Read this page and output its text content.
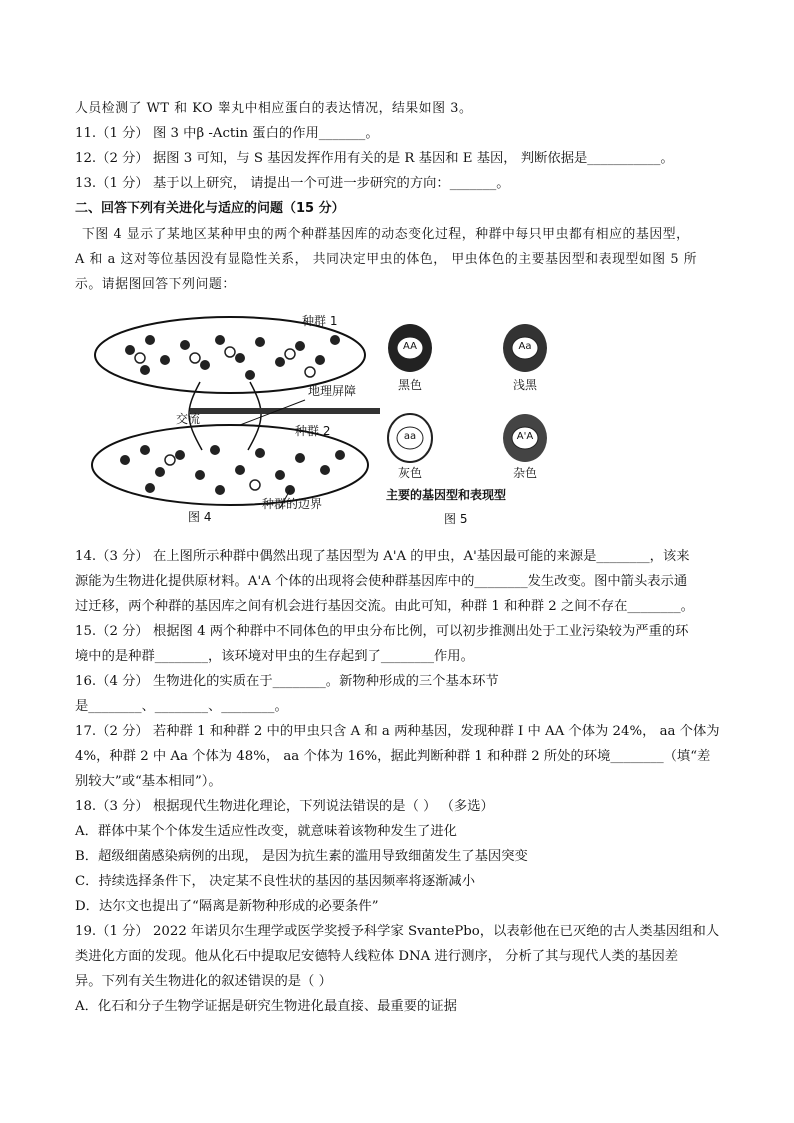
人员检测了 WT 和 KO 睾丸中相应蛋白的表达情况，结果如图 3。
11.（1 分） 图 3 中β -Actin 蛋白的作用_______。
12.（2 分） 据图 3 可知，与 S 基因发挥作用有关的是 R 基因和 E 基因， 判断依据是___________。
13.（1 分） 基于以上研究， 请提出一个可进一步研究的方向：_______。
二、回答下列有关进化与适应的问题（15 分）
下图 4 显示了某地区某种甲虫的两个种群基因库的动态变化过程，种群中每只甲虫都有相应的基因型，
A 和 a 这对等位基因没有显隐性关系， 共同决定甲虫的体色， 甲虫体色的主要基因型和表现型如图 5 所
示。请据图回答下列问题：
种群 1
地理屏障
交流
种群 2
种群的边界
图 4
AA	Aa
aa	A'A
黑色	浅黑
灰色	杂色
主要的基因型和表现型
图 5
14.（3 分） 在上图所示种群中偶然出现了基因型为 A'A 的甲虫，A'基因最可能的来源是________，该来
源能为生物进化提供原材料。A'A 个体的出现将会使种群基因库中的________发生改变。图中箭头表示通
过迁移，两个种群的基因库之间有机会进行基因交流。由此可知，种群 1 和种群 2 之间不存在________。
15.（2 分） 根据图 4 两个种群中不同体色的甲虫分布比例，可以初步推测出处于工业污染较为严重的环
境中的是种群________，该环境对甲虫的生存起到了________作用。
16.（4 分） 生物进化的实质在于________。新物种形成的三个基本环节
是________、________、________。
17.（2 分） 若种群 1 和种群 2 中的甲虫只含 A 和 a 两种基因，发现种群 I 中 AA 个体为 24%， aa 个体为
4%，种群 2 中 Aa 个体为 48%， aa 个体为 16%，据此判断种群 1 和种群 2 所处的环境________（填“差
别较大”或“基本相同”）。
18.（3 分） 根据现代生物进化理论，下列说法错误的是（ ） （多选）
A．群体中某个个体发生适应性改变，就意味着该物种发生了进化
B．超级细菌感染病例的出现， 是因为抗生素的滥用导致细菌发生了基因突变
C．持续选择条件下， 决定某不良性状的基因的基因频率将逐渐减小
D．达尔文也提出了“隔离是新物种形成的必要条件”
19.（1 分） 2022 年诺贝尔生理学或医学奖授予科学家 SvantePbo，以表彰他在已灭绝的古人类基因组和人
类进化方面的发现。他从化石中提取尼安德特人线粒体 DNA 进行测序， 分析了其与现代人类的基因差
异。下列有关生物进化的叙述错误的是（ ）
A．化石和分子生物学证据是研究生物进化最直接、最重要的证据
